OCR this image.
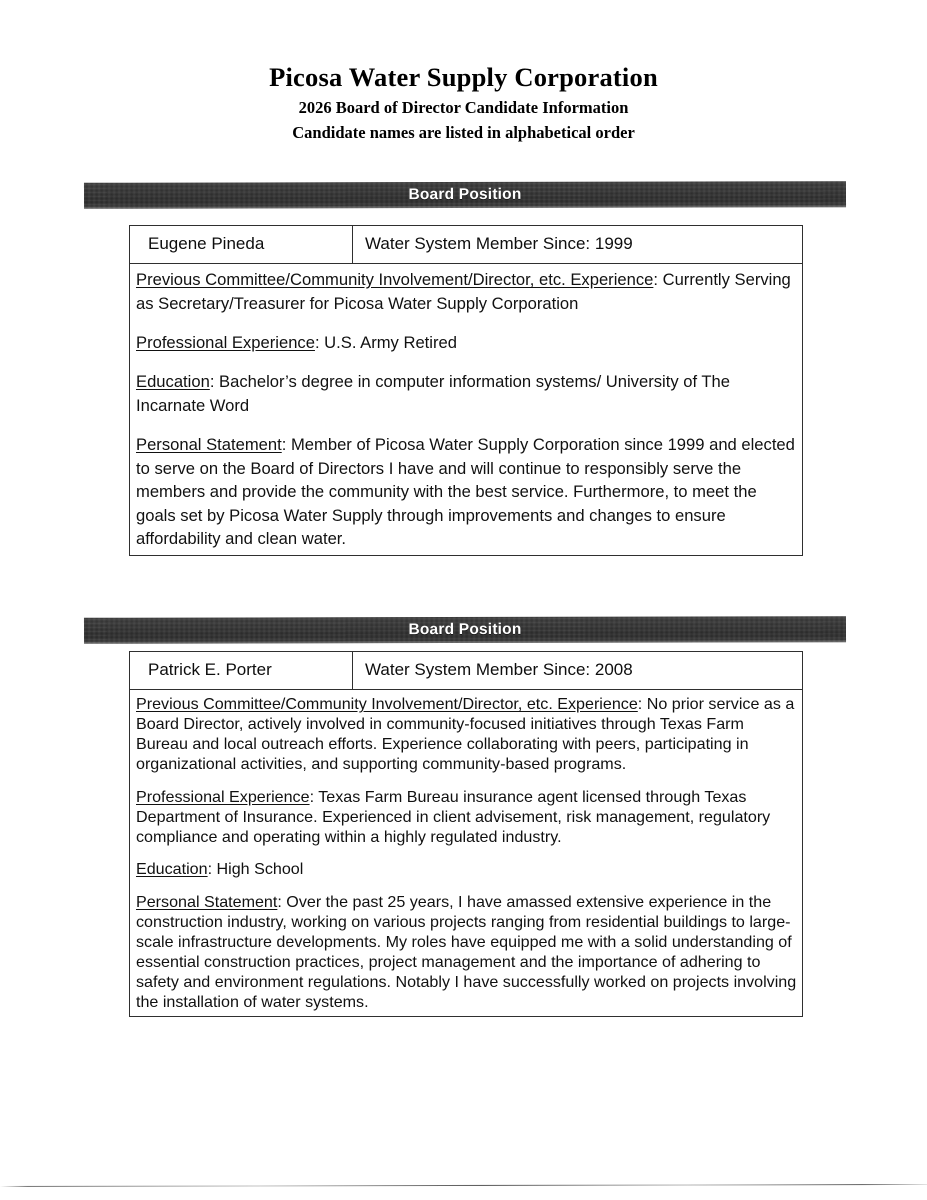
Picosa Water Supply Corporation
2026 Board of Director Candidate Information
Candidate names are listed in alphabetical order
Board Position
Eugene Pineda	Water System Member Since: 1999

Previous Committee/Community Involvement/Director, etc. Experience: Currently Serving as Secretary/Treasurer for Picosa Water Supply Corporation

Professional Experience: U.S. Army Retired

Education: Bachelor’s degree in computer information systems/ University of The Incarnate Word

Personal Statement: Member of Picosa Water Supply Corporation since 1999 and elected to serve on the Board of Directors I have and will continue to responsibly serve the members and provide the community with the best service. Furthermore, to meet the goals set by Picosa Water Supply through improvements and changes to ensure affordability and clean water.

Board Position
Patrick E. Porter	Water System Member Since: 2008

Previous Committee/Community Involvement/Director, etc. Experience: No prior service as a Board Director, actively involved in community-focused initiatives through Texas Farm Bureau and local outreach efforts. Experience collaborating with peers, participating in organizational activities, and supporting community-based programs.

Professional Experience: Texas Farm Bureau insurance agent licensed through Texas Department of Insurance. Experienced in client advisement, risk management, regulatory compliance and operating within a highly regulated industry.

Education: High School

Personal Statement: Over the past 25 years, I have amassed extensive experience in the construction industry, working on various projects ranging from residential buildings to large-scale infrastructure developments. My roles have equipped me with a solid understanding of essential construction practices, project management and the importance of adhering to safety and environment regulations. Notably I have successfully worked on projects involving the installation of water systems.
